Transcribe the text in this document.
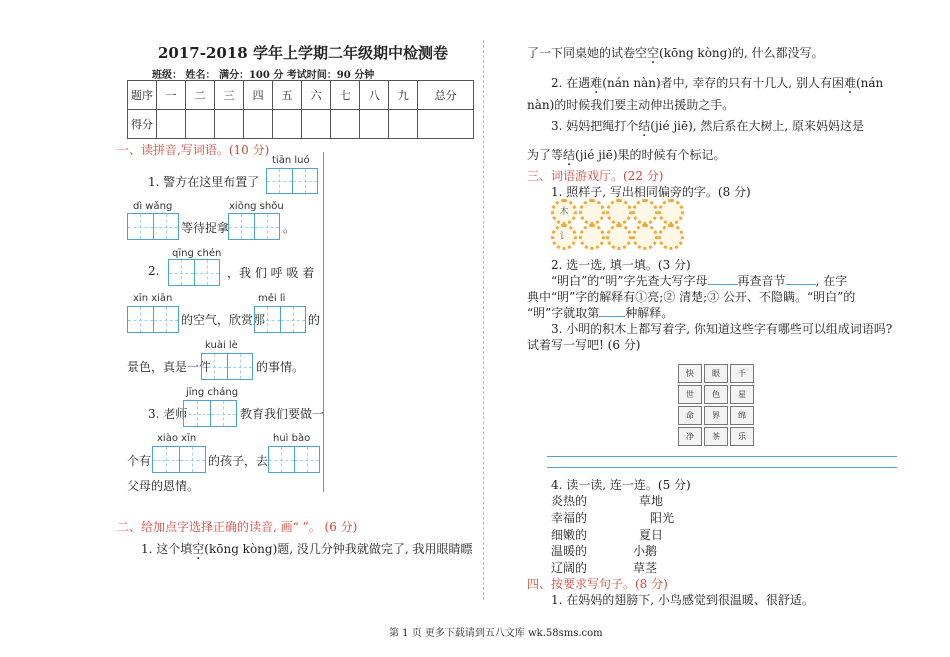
2017-2018 学年上学期二年级期中检测卷
班级： 姓名： 满分：100 分 考试时间：90 分钟
题序	一	二	三	四	五	六	七	八	九	总分
得分										
一、读拼音,写词语。(10 分)
tiān luó
1. 警方在这里布置了
dì wǎng	xiōng shǒu
等待捉拿	。
qīng chén
2.	，我 们 呼 吸 着
xīn xiān	měi lì
的空气，欣赏那	的
kuài lè
景色，真是一件	的事情。
jīng cháng
3. 老师	教育我们要做一
xiào xīn	huì bào
个有	的孩子，去
父母的恩情。
二、给加点字选择正确的读音, 画“ ”。 (6 分)
1. 这个填空(kōng kòng)题, 没几分钟我就做完了, 我用眼睛瞟
了一下同桌她的试卷空空(kōng kòng)的, 什么都没写。
2. 在遇难(nán nàn)者中, 幸存的只有十几人, 别人有困难(nán
nàn)的时候我们要主动伸出援助之手。
3. 妈妈把绳打个结(jié jiē), 然后系在大树上, 原来妈妈这是
为了等结(jié jiē)果的时候有个标记。
三、词语游戏厅。(22 分)
1. 照样子, 写出相同偏旁的字。(8 分)
木
讠
2. 选一选, 填一填。(3 分)
“明白”的“明”字先查大写字母	再查音节	, 在字
典中“明”字的解释有①亮;② 清楚;③ 公开、不隐瞒。“明白”的
“明”字就取第 种解释。
3. 小明的积木上都写着字, 你知道这些字有哪些可以组成词语吗?
试着写一写吧! (6 分)
快	眼	千
世	色	星
命	界	绵
净	茶	乐
4. 读一读, 连一连。(5 分)
炎热的
幸福的
细嫩的
温暖的
辽阔的
草地
阳光
夏日
小鹅
草茎
四、按要求写句子。(8 分)
1. 在妈妈的翅膀下, 小鸟感觉到很温暖、很舒适。
第 1 页 更多下载请到五八文库 wk.58sms.com
